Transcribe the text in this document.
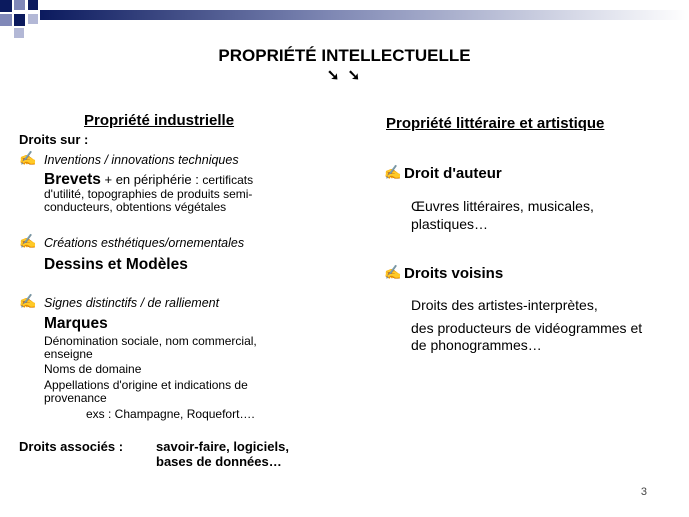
PROPRIÉTÉ INTELLECTUELLE
➘ ➘
Propriété industrielle
Droits sur :
✍ Inventions / innovations techniques
Brevets + en périphérie : certificats
d'utilité, topographies de produits semi-
conducteurs, obtentions végétales
✍ Créations esthétiques/ornementales
Dessins et Modèles
✍ Signes distinctifs / de ralliement
Marques
Dénomination sociale, nom commercial,
enseigne
Noms de domaine
Appellations d'origine et indications de
provenance
exs : Champagne, Roquefort….
Droits associés :	savoir-faire, logiciels,
bases de données…
Propriété littéraire et artistique
✍ Droit d'auteur
Œuvres littéraires, musicales,
plastiques…
✍ Droits voisins
Droits des artistes-interprètes,
des producteurs de vidéogrammes et
de phonogrammes…
3
